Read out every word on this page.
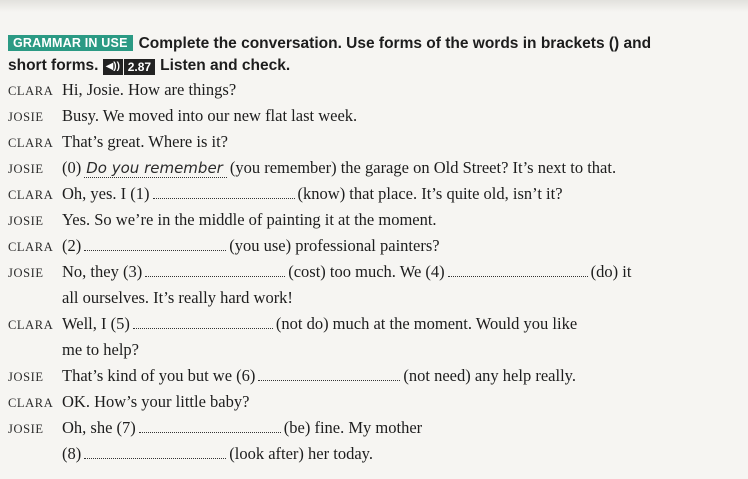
GRAMMAR IN USE Complete the conversation. Use forms of the words in brackets () and
short forms. ◀)) 2.87 Listen and check.
CLARA Hi, Josie. How are things?
JOSIE Busy. We moved into our new flat last week.
CLARA That’s great. Where is it?
JOSIE (0) Do you remember (you remember) the garage on Old Street? It’s next to that.
CLARA Oh, yes. I (1)	(know) that place. It’s quite old, isn’t it?
JOSIE Yes. So we’re in the middle of painting it at the moment.
CLARA (2)	(you use) professional painters?
JOSIE No, they (3)	(cost) too much. We (4)	(do) it
all ourselves. It’s really hard work!
CLARA Well, I (5)	(not do) much at the moment. Would you like
me to help?
JOSIE That’s kind of you but we (6)	(not need) any help really.
CLARA OK. How’s your little baby?
JOSIE Oh, she (7)	(be) fine. My mother
(8)	(look after) her today.
